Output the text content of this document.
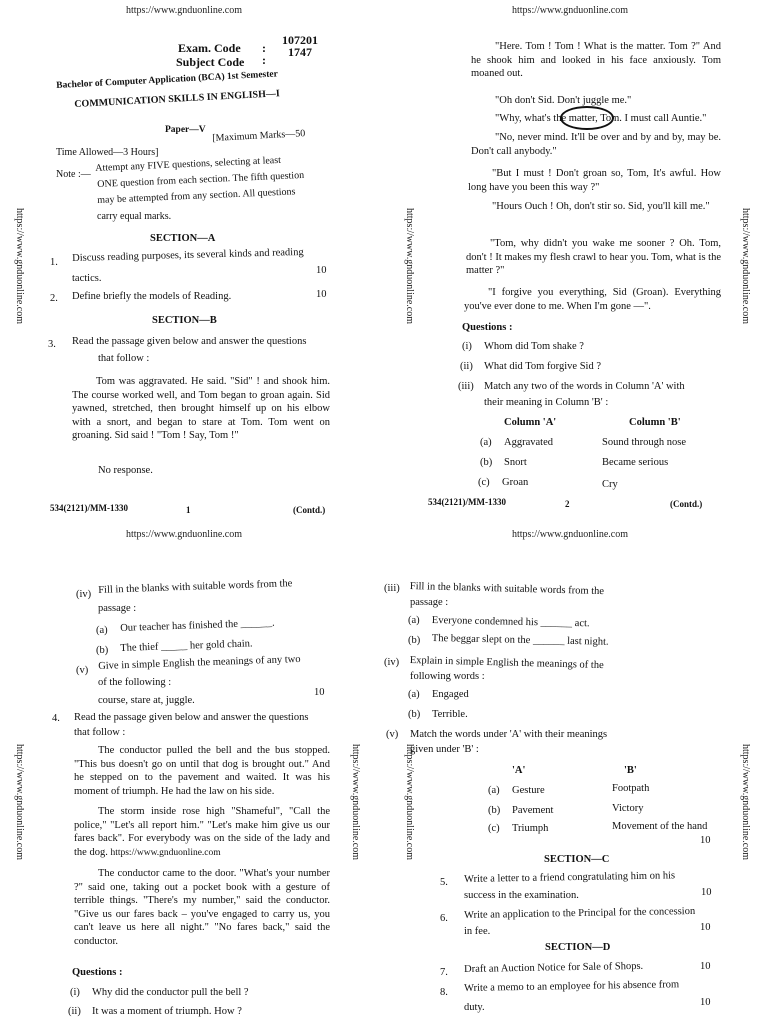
https://www.gnduonline.com
https://www.gnduonline.com
Exam. Code :
107201
Subject Code :
1747
Bachelor of Computer Application (BCA) 1st Semester
COMMUNICATION SKILLS IN ENGLISH—I
Paper—V
Time Allowed—3 Hours]
[Maximum Marks—50
Note :—
Attempt any FIVE questions, selecting at least
ONE question from each section. The fifth question
may be attempted from any section. All questions
carry equal marks.
SECTION—A
1. Discuss reading purposes, its several kinds and reading
tactics.
10
2. Define briefly the models of Reading.	10
SECTION—B
3. Read the passage given below and answer the questions
that follow :
Tom was aggravated. He said. "Sid" ! and shook him. The course worked well, and Tom began to groan again. Sid yawned, stretched, then brought himself up on his elbow with a snort, and began to stare at Tom. Tom went on groaning. Sid said ! "Tom ! Say, Tom !"
No response.
534(2121)/MM-1330	1	(Contd.)
https://www.gnduonline.com
https://www.gnduonline.com	https://www.gnduonline.com
"Here. Tom ! Tom ! What is the matter. Tom ?" And he shook him and looked in his face anxiously. Tom moaned out.
"Oh don't Sid. Don't juggle me."
"Why, what's the matter, Tom. I must call Auntie."
"No, never mind. It'll be over and by and by, may be. Don't call anybody."
"But I must ! Don't groan so, Tom, It's awful. How long have you been this way ?"
"Hours Ouch ! Oh, don't stir so. Sid, you'll kill me."
"Tom, why didn't you wake me sooner ? Oh. Tom, don't ! It makes my flesh crawl to hear you. Tom, what is the matter ?"
"I forgive you everything, Sid (Groan). Everything you've ever done to me. When I'm gone —".
Questions :
(i) Whom did Tom shake ?
(ii) What did Tom forgive Sid ?
(iii) Match any two of the words in Column 'A' with
their meaning in Column 'B' :
Column 'A'	Column 'B'
(a) Aggravated	Sound through nose
(b) Snort	Became serious
(c) Groan	Cry
534(2121)/MM-1330	2	(Contd.)
https://www.gnduonline.com
https://www.gnduonline.com	https://www.gnduonline.com
(iv) Fill in the blanks with suitable words from the
passage :
(a) Our teacher has finished the ______.
(b) The thief _____ her gold chain.
(v) Give in simple English the meanings of any two
of the following :
course, stare at, juggle.
10
4. Read the passage given below and answer the questions
that follow :
The conductor pulled the bell and the bus stopped. "This bus doesn't go on until that dog is brought out." And he stepped on to the pavement and waited. It was his moment of triumph. He had the law on his side.
The storm inside rose high "Shameful", "Call the police," "Let's all report him." "Let's make him give us our fares back". For everybody was on the side of the lady and the dog. https://www.gnduonline.com
The conductor came to the door. "What's your number ?" said one, taking out a pocket book with a gesture of terrible things. "There's my number," said the conductor. "Give us our fares back – you've engaged to carry us, you can't leave us here all night." "No fares back," said the conductor.
Questions :
(i) Why did the conductor pull the bell ?
(ii) It was a moment of triumph. How ?
https://www.gnduonline.com
https://www.gnduonline.com	https://www.gnduonline.com
(iii) Fill in the blanks with suitable words from the
passage :
(a) Everyone condemned his ______ act.
(b) The beggar slept on the ______ last night.
(iv) Explain in simple English the meanings of the
following words :
(a) Engaged
(b) Terrible.
(v) Match the words under 'A' with their meanings
given under 'B' :
'A'	'B'
(a) Gesture	Footpath
(b) Pavement	Victory
(c) Triumph	Movement of the hand
10
SECTION—C
5. Write a letter to a friend congratulating him on his
success in the examination.	10
6. Write an application to the Principal for the concession
in fee.	10
SECTION—D
7. Draft an Auction Notice for Sale of Shops.	10
8. Write a memo to an employee for his absence from
duty.	10
